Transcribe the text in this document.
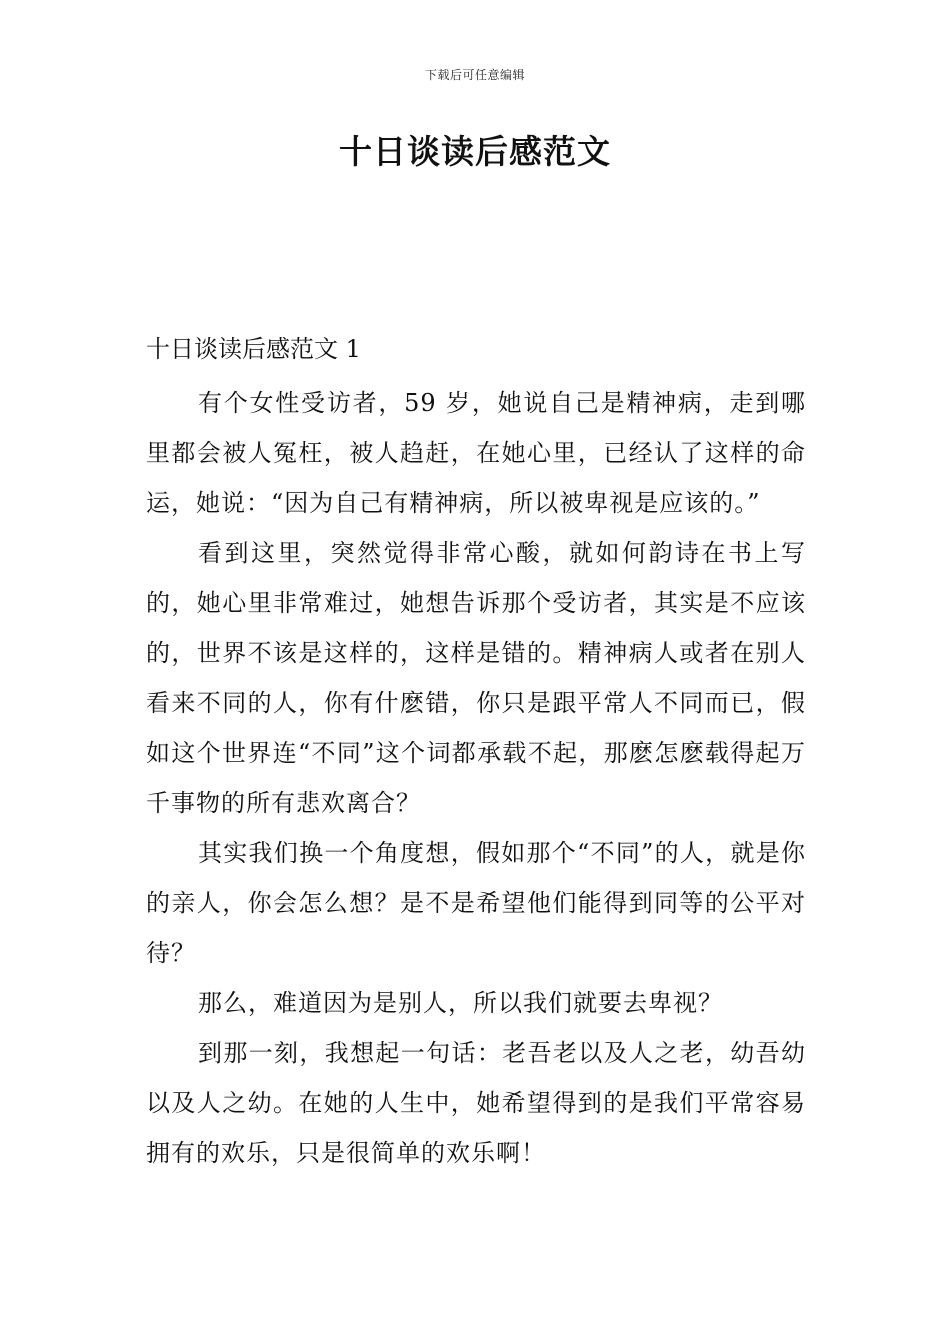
下载后可任意编辑
十日谈读后感范文

十日谈读后感范文 1

有个女性受访者，59 岁，她说自己是精神病，走到哪里都会被人冤枉，被人趋赶，在她心里，已经认了这样的命运，她说：“因为自己有精神病，所以被卑视是应该的。”

看到这里，突然觉得非常心酸，就如何韵诗在书上写的，她心里非常难过，她想告诉那个受访者，其实是不应该的，世界不该是这样的，这样是错的。精神病人或者在别人看来不同的人，你有什麽错，你只是跟平常人不同而已，假如这个世界连“不同”这个词都承载不起，那麽怎麽载得起万千事物的所有悲欢离合？

其实我们换一个角度想，假如那个“不同”的人，就是你的亲人，你会怎么想？是不是希望他们能得到同等的公平对待？

那么，难道因为是别人，所以我们就要去卑视？

到那一刻，我想起一句话：老吾老以及人之老，幼吾幼以及人之幼。在她的人生中，她希望得到的是我们平常容易拥有的欢乐，只是很简单的欢乐啊！
